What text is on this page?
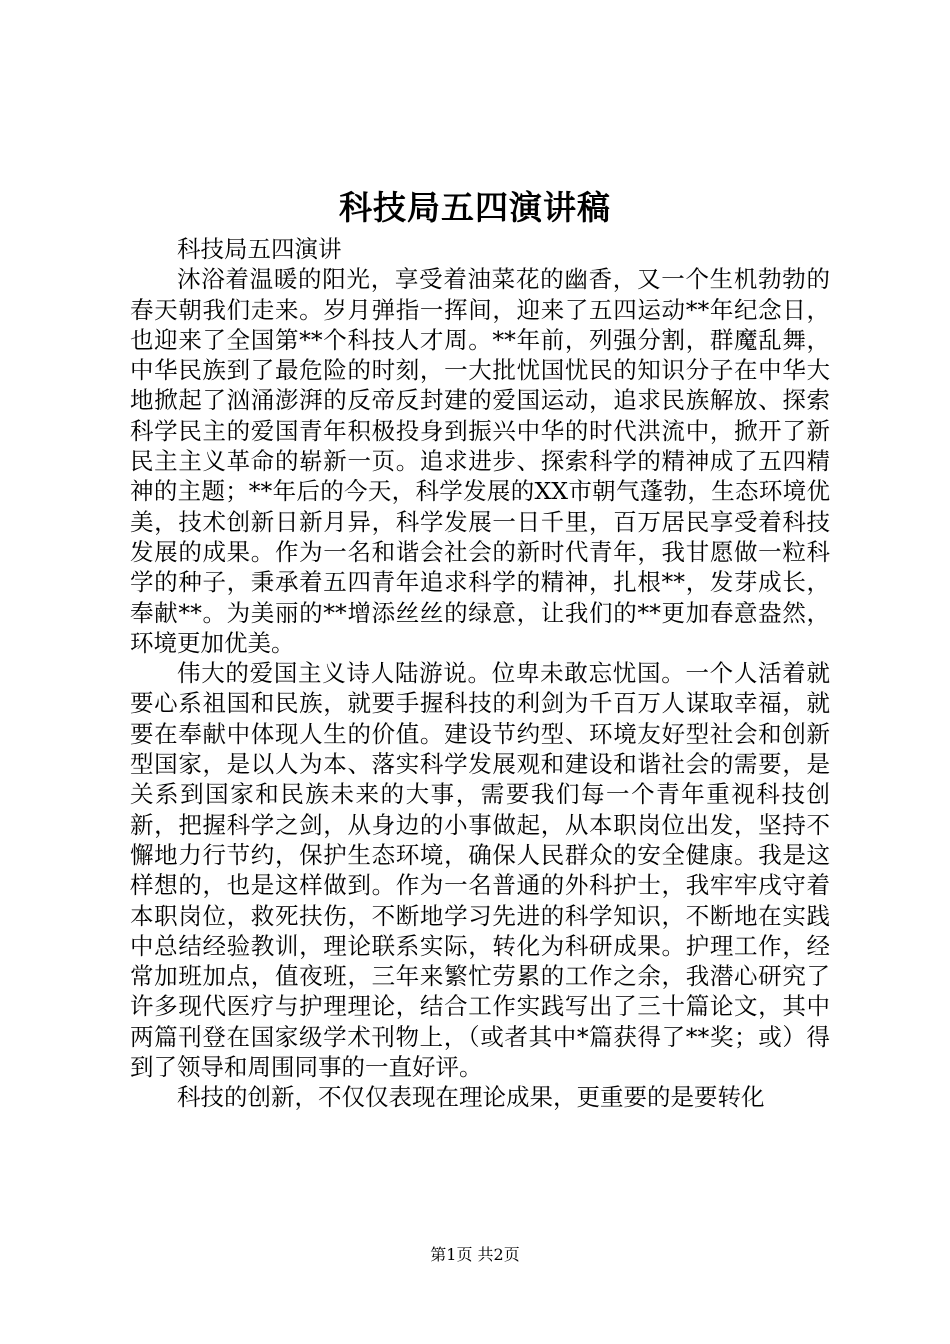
科技局五四演讲稿

科技局五四演讲

沐浴着温暖的阳光，享受着油菜花的幽香，又一个生机勃勃的春天朝我们走来。岁月弹指一挥间，迎来了五四运动**年纪念日，也迎来了全国第**个科技人才周。**年前，列强分割，群魔乱舞，中华民族到了最危险的时刻，一大批忧国忧民的知识分子在中华大地掀起了汹涌澎湃的反帝反封建的爱国运动，追求民族解放、探索科学民主的爱国青年积极投身到振兴中华的时代洪流中，掀开了新民主主义革命的崭新一页。追求进步、探索科学的精神成了五四精神的主题；**年后的今天，科学发展的XX市朝气蓬勃，生态环境优美，技术创新日新月异，科学发展一日千里，百万居民享受着科技发展的成果。作为一名和谐会社会的新时代青年，我甘愿做一粒科学的种子，秉承着五四青年追求科学的精神，扎根**，发芽成长，奉献**。为美丽的**增添丝丝的绿意，让我们的**更加春意盎然，环境更加优美。

伟大的爱国主义诗人陆游说。位卑未敢忘忧国。一个人活着就要心系祖国和民族，就要手握科技的利剑为千百万人谋取幸福，就要在奉献中体现人生的价值。建设节约型、环境友好型社会和创新型国家，是以人为本、落实科学发展观和建设和谐社会的需要，是关系到国家和民族未来的大事，需要我们每一个青年重视科技创新，把握科学之剑，从身边的小事做起，从本职岗位出发，坚持不懈地力行节约，保护生态环境，确保人民群众的安全健康。我是这样想的，也是这样做到。作为一名普通的外科护士，我牢牢戌守着本职岗位，救死扶伤，不断地学习先进的科学知识，不断地在实践中总结经验教训，理论联系实际，转化为科研成果。护理工作，经常加班加点，值夜班，三年来繁忙劳累的工作之余，我潜心研究了许多现代医疗与护理理论，结合工作实践写出了三十篇论文，其中两篇刊登在国家级学术刊物上，（或者其中*篇获得了**奖；或）得到了领导和周围同事的一直好评。

科技的创新，不仅仅表现在理论成果，更重要的是要转化

第1页 共2页
